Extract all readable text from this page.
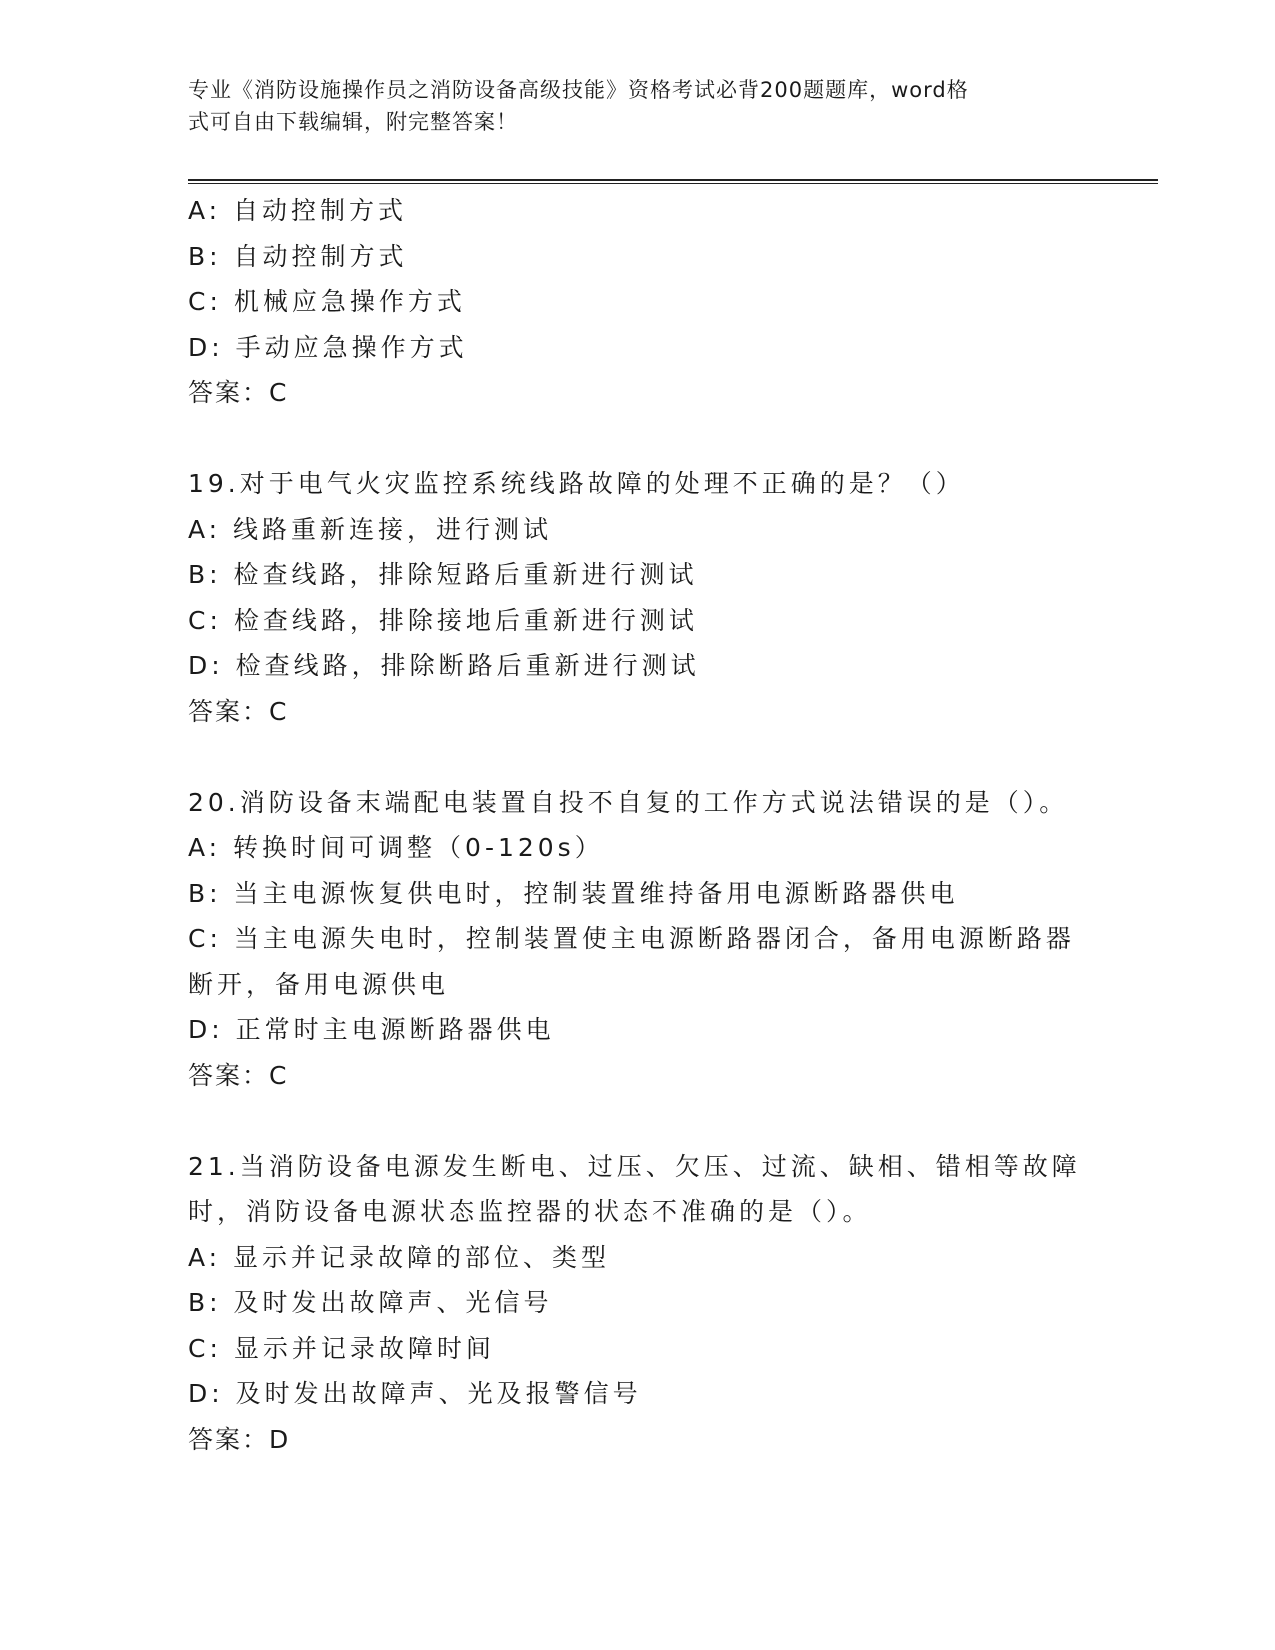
专业《消防设施操作员之消防设备高级技能》资格考试必背200题题库，word格
式可自由下载编辑，附完整答案！
A: 自动控制方式
B: 自动控制方式
C: 机械应急操作方式
D: 手动应急操作方式
答案：C
19.对于电气火灾监控系统线路故障的处理不正确的是？（）
A: 线路重新连接，进行测试
B: 检查线路，排除短路后重新进行测试
C: 检查线路，排除接地后重新进行测试
D: 检查线路，排除断路后重新进行测试
答案：C
20.消防设备末端配电装置自投不自复的工作方式说法错误的是（）。
A: 转换时间可调整（0-120s）
B: 当主电源恢复供电时，控制装置维持备用电源断路器供电
C: 当主电源失电时，控制装置使主电源断路器闭合，备用电源断路器
断开，备用电源供电
D: 正常时主电源断路器供电
答案：C
21.当消防设备电源发生断电、过压、欠压、过流、缺相、错相等故障
时，消防设备电源状态监控器的状态不准确的是（）。
A: 显示并记录故障的部位、类型
B: 及时发出故障声、光信号
C: 显示并记录故障时间
D: 及时发出故障声、光及报警信号
答案：D
